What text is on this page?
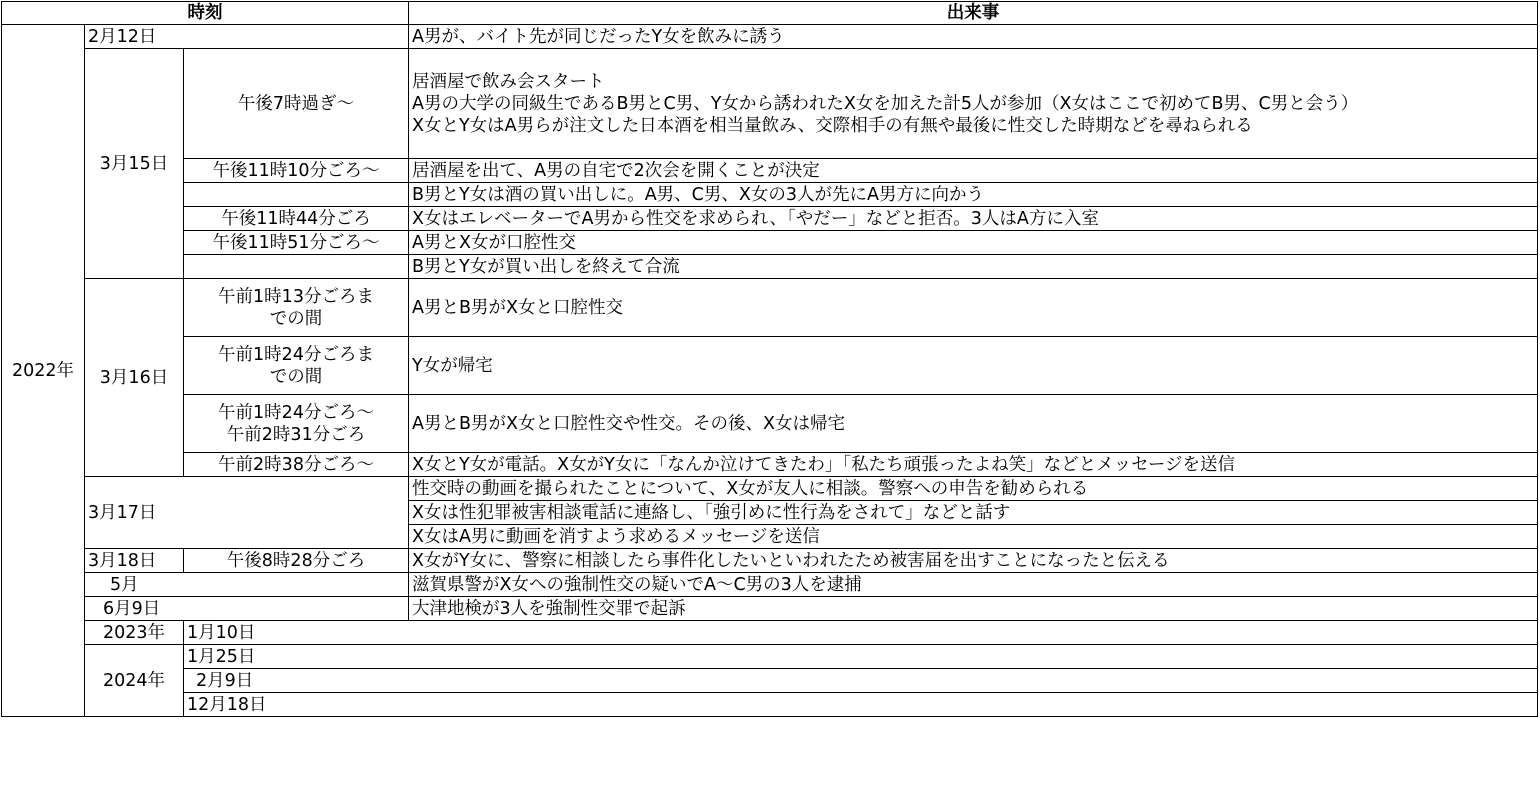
時刻			出来事	
2022年	2月12日		A男が、バイト先が同じだったY女を飲みに誘う	
	3月15日	午後7時過ぎ～	居酒屋で飲み会スタート
A男の大学の同級生であるB男とC男、Y女から誘われたX女を加えた計5人が参加（X女はここで初めてB男、C男と会う）
X女とY女はA男らが注文した日本酒を相当量飲み、交際相手の有無や最後に性交した時期などを尋ねられる	

		午後11時10分ごろ～	居酒屋を出て、A男の自宅で2次会を開くことが決定	
			B男とY女は酒の買い出しに。A男、C男、X女の3人が先にA男方に向かう	
		午後11時44分ごろ	X女はエレベーターでA男から性交を求められ、「やだー」などと拒否。3人はA方に入室	
		午後11時51分ごろ～	A男とX女が口腔性交	
			B男とY女が買い出しを終えて合流	
	3月16日	午前1時13分ごろま
での間	A男とB男がX女と口腔性交	

		午前1時24分ごろま
での間	Y女が帰宅	

		午前1時24分ごろ～
午前2時31分ごろ	A男とB男がX女と口腔性交や性交。その後、X女は帰宅	
		午前2時38分ごろ～	X女とY女が電話。X女がY女に「なんか泣けてきたわ」「私たち頑張ったよね笑」などとメッセージを送信	
	3月17日		性交時の動画を撮られたことについて、X女が友人に相談。警察への申告を勧められる	
			X女は性犯罪被害相談電話に連絡し、「強引めに性行為をされて」などと話す	
			X女はA男に動画を消すよう求めるメッセージを送信	
	3月18日	午後8時28分ごろ	X女がY女に、警察に相談したら事件化したいといわれたため被害届を出すことになったと伝える	
	5月		滋賀県警がX女への強制性交の疑いでA～C男の3人を逮捕	
	6月9日		大津地検が3人を強制性交罪で起訴	
	2023年	1月10日	
	2024年	1月25日	
		2月9日	
		12月18日	
